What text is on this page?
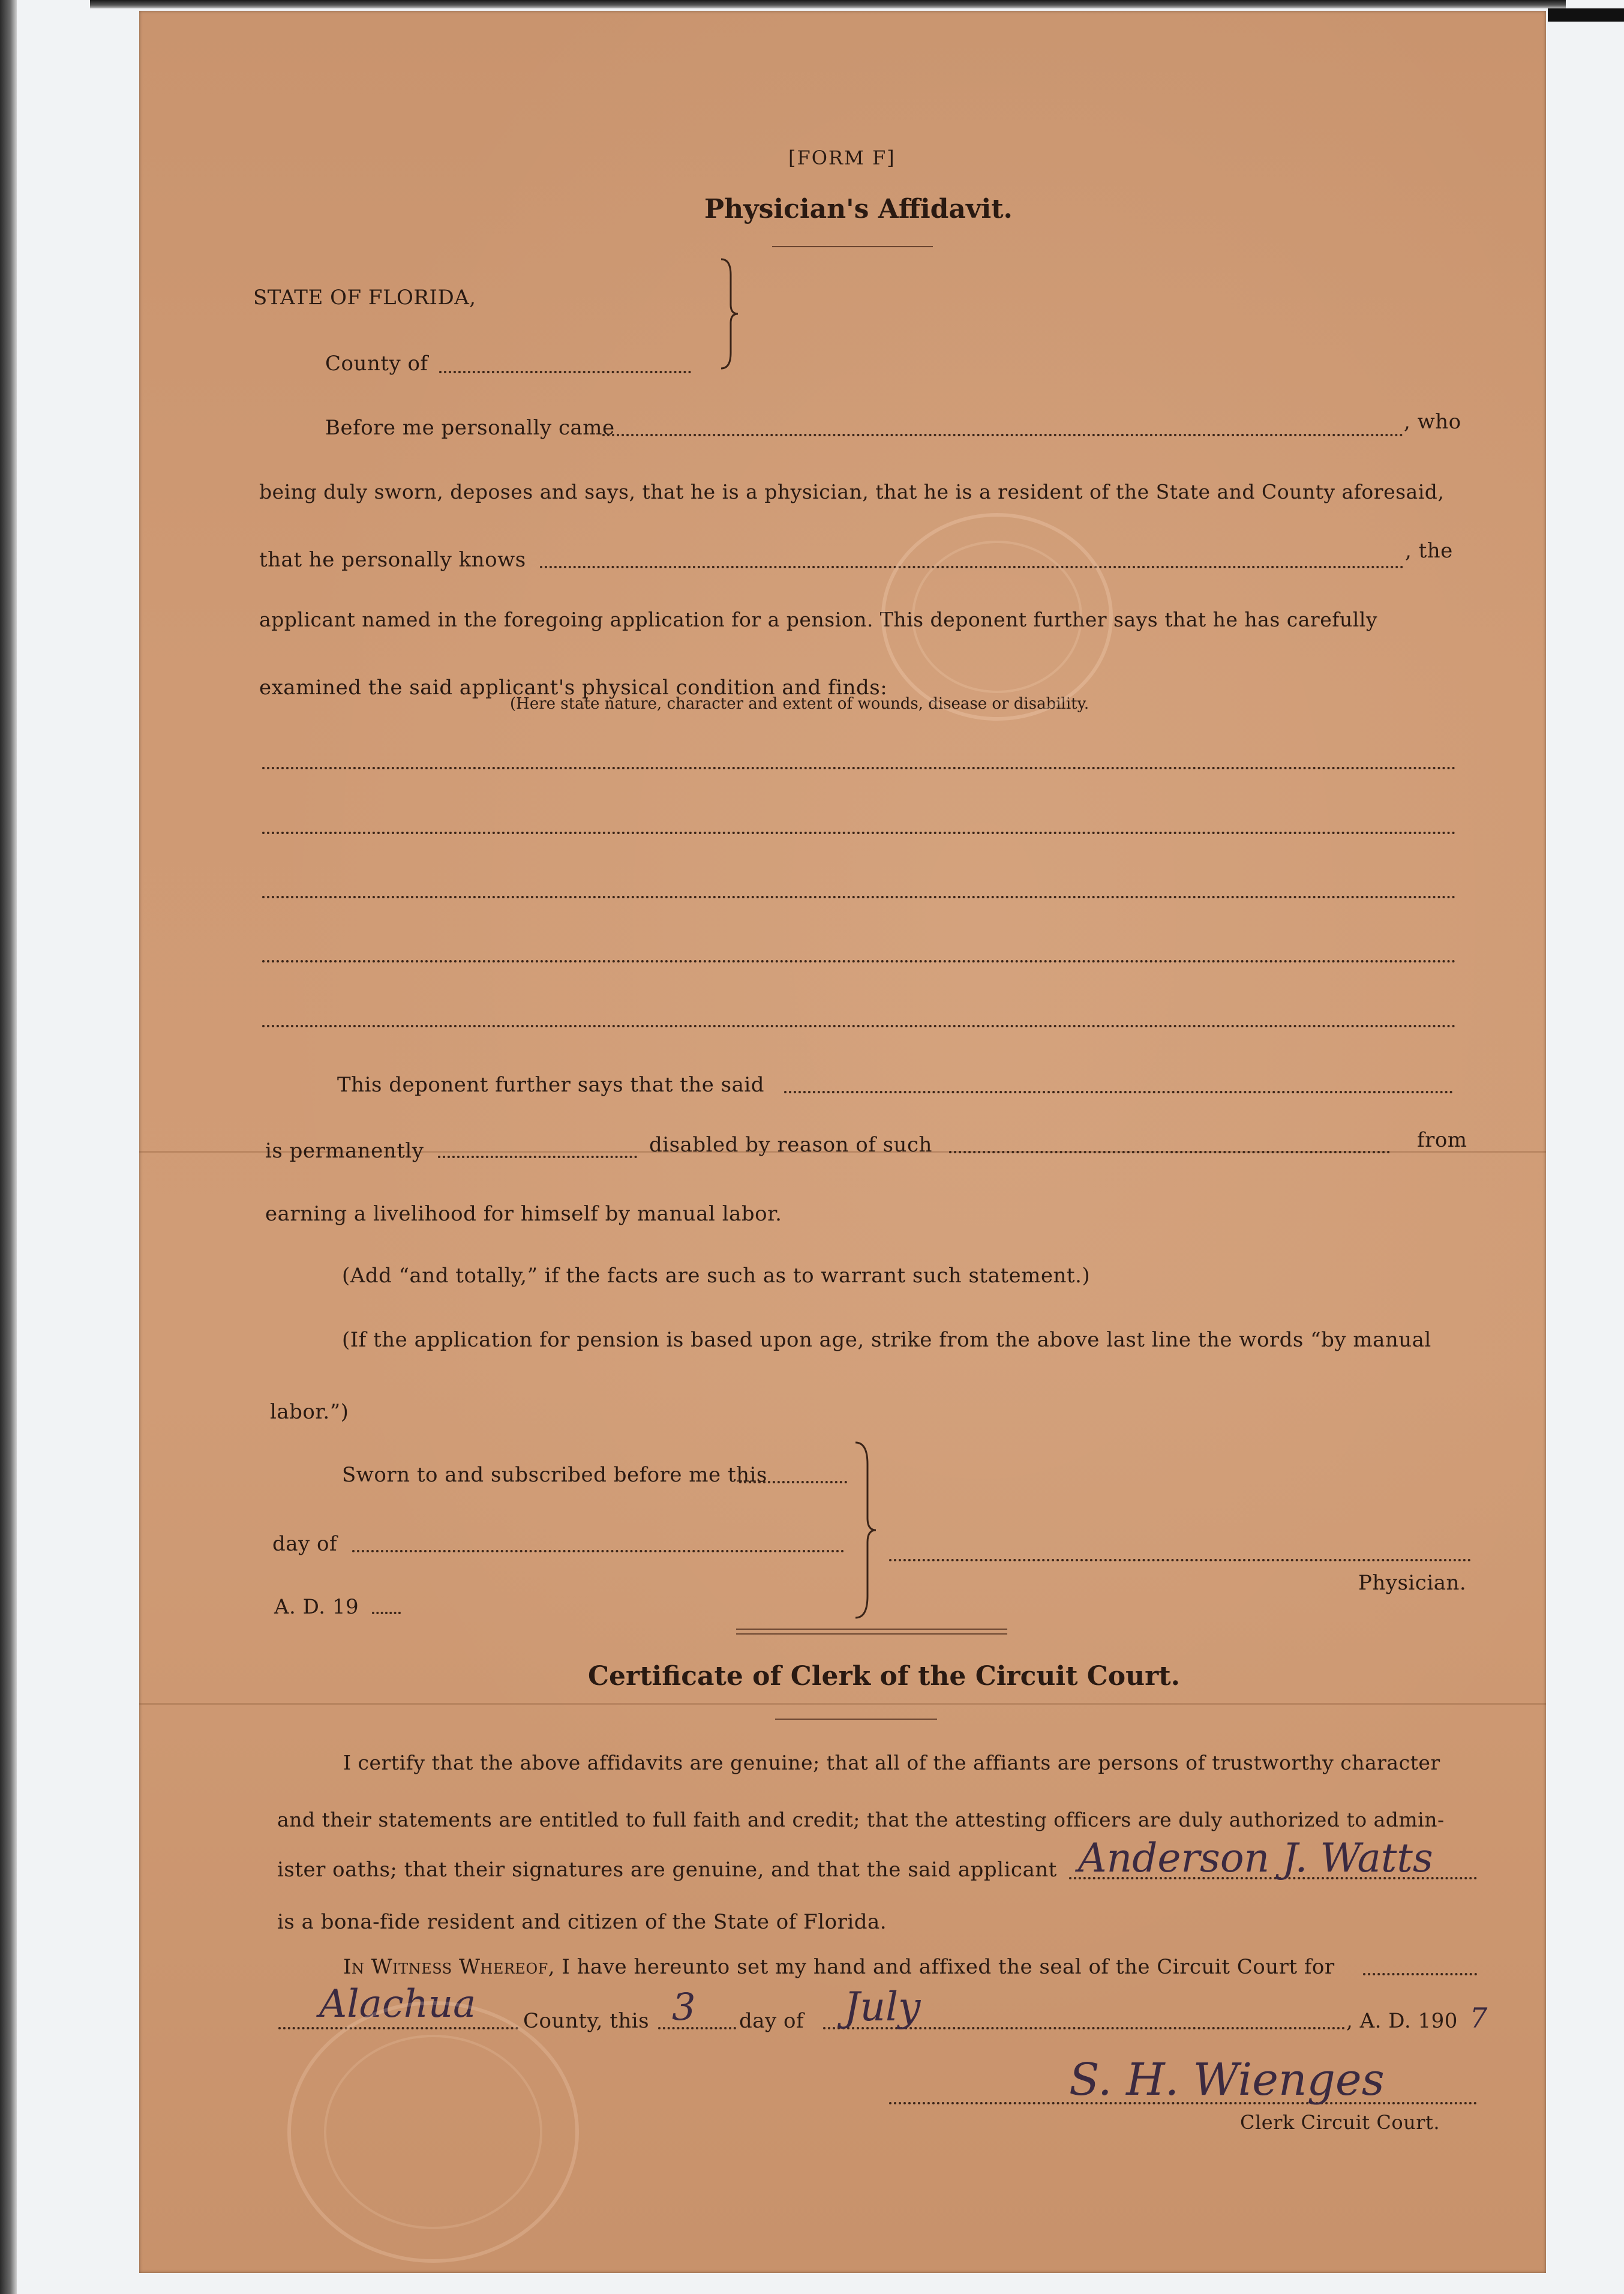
[FORM F]
Physician's Affidavit.
STATE OF FLORIDA,
County of
Before me personally came	, who
being duly sworn, deposes and says, that he is a physician, that he is a resident of the State and County aforesaid,
that he personally knows	, the
applicant named in the foregoing application for a pension. This deponent further says that he has carefully
examined the said applicant's physical condition and finds:
(Here state nature, character and extent of wounds, disease or disability.
This deponent further says that the said
is permanently	disabled by reason of such	from
earning a livelihood for himself by manual labor.
(Add “and totally,” if the facts are such as to warrant such statement.)
(If the application for pension is based upon age, strike from the above last line the words “by manual
labor.”)
Sworn to and subscribed before me this
day of
A. D. 19
Physician.
Certificate of Clerk of the Circuit Court.
I certify that the above affidavits are genuine; that all of the affiants are persons of trustworthy character
and their statements are entitled to full faith and credit; that the attesting officers are duly authorized to admin-
ister oaths; that their signatures are genuine, and that the said applicant Anderson J. Watts
is a bona-fide resident and citizen of the State of Florida.
In Witness Whereof, I have hereunto set my hand and affixed the seal of the Circuit Court for
Alachua County, this 3 day of July	, A. D. 190 7
S. H. Wienges
Clerk Circuit Court.
